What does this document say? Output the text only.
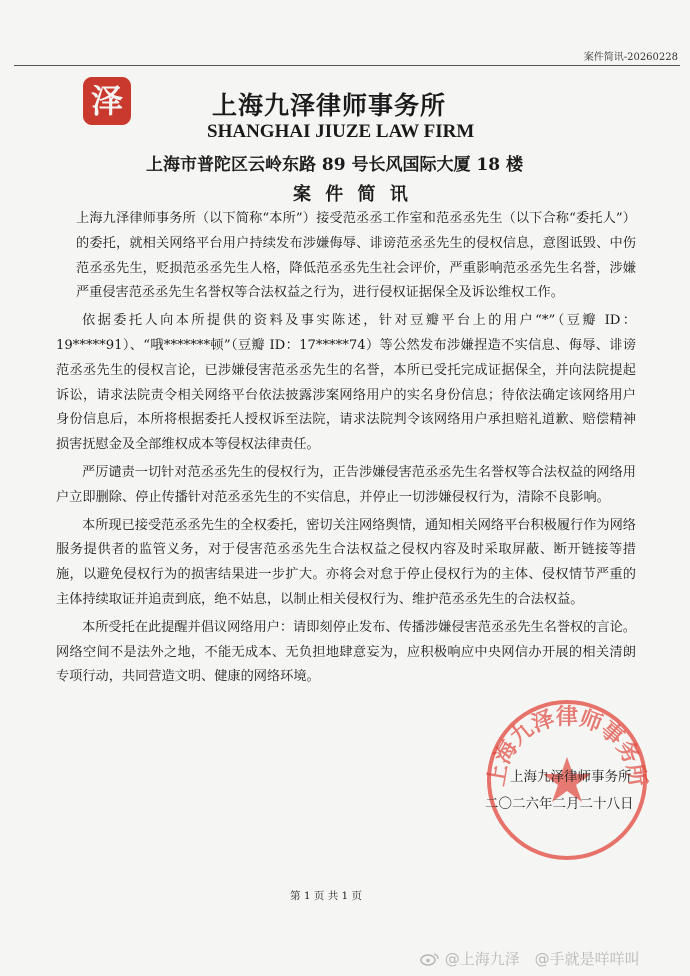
案件简讯-20260228
泽	上海九泽律师事务所
SHANGHAI JIUZE LAW FIRM
上海市普陀区云岭东路 89 号长风国际大厦 18 楼
案 件 简 讯

上海九泽律师事务所（以下简称“本所”）接受范丞丞工作室和范丞丞先生（以下合称“委托人”）的委托，就相关网络平台用户持续发布涉嫌侮辱、诽谤范丞丞先生的侵权信息，意图诋毁、中伤范丞丞先生，贬损范丞丞先生人格，降低范丞丞先生社会评价，严重影响范丞丞先生名誉，涉嫌严重侵害范丞丞先生名誉权等合法权益之行为，进行侵权证据保全及诉讼维权工作。

依据委托人向本所提供的资料及事实陈述，针对豆瓣平台上的用户“*”（豆瓣 ID：19*****91）、“哦*******顿”（豆瓣 ID：17*****74）等公然发布涉嫌捏造不实信息、侮辱、诽谤范丞丞先生的侵权言论，已涉嫌侵害范丞丞先生的名誉，本所已受托完成证据保全，并向法院提起诉讼，请求法院责令相关网络平台依法披露涉案网络用户的实名身份信息；待依法确定该网络用户身份信息后，本所将根据委托人授权诉至法院，请求法院判令该网络用户承担赔礼道歉、赔偿精神损害抚慰金及全部维权成本等侵权法律责任。

严厉谴责一切针对范丞丞先生的侵权行为，正告涉嫌侵害范丞丞先生名誉权等合法权益的网络用户立即删除、停止传播针对范丞丞先生的不实信息，并停止一切涉嫌侵权行为，清除不良影响。

本所现已接受范丞丞先生的全权委托，密切关注网络舆情，通知相关网络平台积极履行作为网络服务提供者的监管义务，对于侵害范丞丞先生合法权益之侵权内容及时采取屏蔽、断开链接等措施，以避免侵权行为的损害结果进一步扩大。亦将会对怠于停止侵权行为的主体、侵权情节严重的主体持续取证并追责到底，绝不姑息，以制止相关侵权行为、维护范丞丞先生的合法权益。

本所受托在此提醒并倡议网络用户：请即刻停止发布、传播涉嫌侵害范丞丞先生名誉权的言论。网络空间不是法外之地，不能无成本、无负担地肆意妄为，应积极响应中央网信办开展的相关清朗专项行动，共同营造文明、健康的网络环境。

上海九泽律师事务所
上海九泽律师事务所
二〇二六年二月二十八日
第 1 页 共 1 页
@上海九泽 @手就是咩咩叫
